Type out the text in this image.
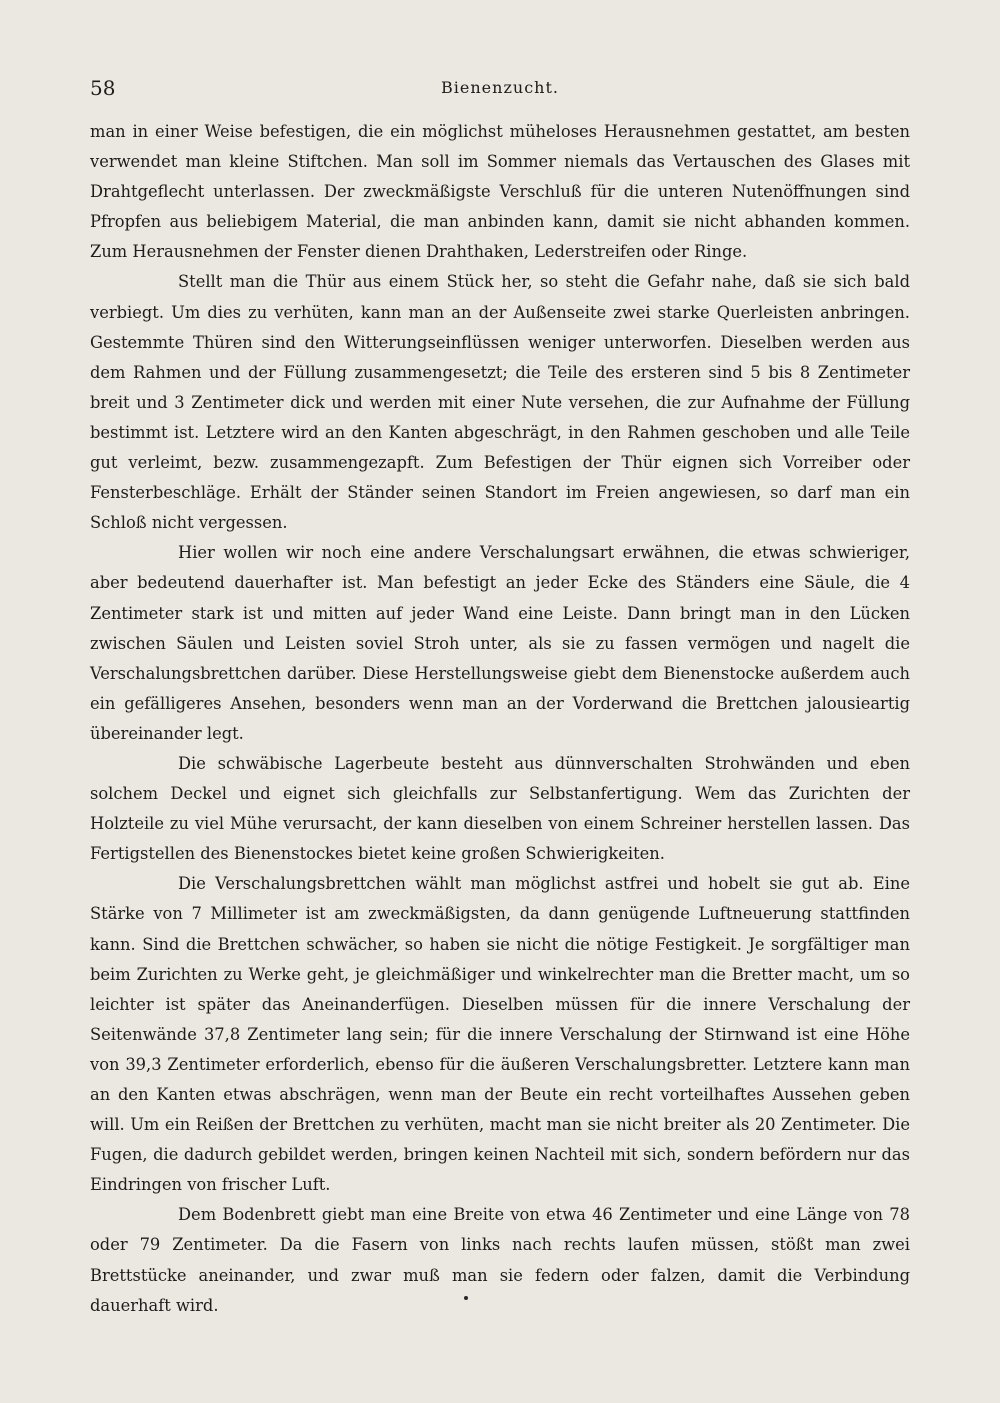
58	Bienenzucht.

man in einer Weise befestigen, die ein möglichst müheloses Herausnehmen gestattet, am besten verwendet man kleine Stiftchen. Man soll im Sommer niemals das Vertauschen des Glases mit Drahtgeflecht unterlassen. Der zweckmäßigste Verschluß für die unteren Nutenöffnungen sind Pfropfen aus beliebigem Material, die man anbinden kann, damit sie nicht abhanden kommen. Zum Herausnehmen der Fenster dienen Drahthaken, Lederstreifen oder Ringe.

Stellt man die Thür aus einem Stück her, so steht die Gefahr nahe, daß sie sich bald verbiegt. Um dies zu verhüten, kann man an der Außenseite zwei starke Querleisten anbringen. Gestemmte Thüren sind den Witterungseinflüssen weniger unterworfen. Dieselben werden aus dem Rahmen und der Füllung zusammengesetzt; die Teile des ersteren sind 5 bis 8 Zentimeter breit und 3 Zentimeter dick und werden mit einer Nute versehen, die zur Aufnahme der Füllung bestimmt ist. Letztere wird an den Kanten abgeschrägt, in den Rahmen geschoben und alle Teile gut verleimt, bezw. zusammengezapft. Zum Befestigen der Thür eignen sich Vorreiber oder Fensterbeschläge. Erhält der Ständer seinen Standort im Freien angewiesen, so darf man ein Schloß nicht vergessen.

Hier wollen wir noch eine andere Verschalungsart erwähnen, die etwas schwieriger, aber bedeutend dauerhafter ist. Man befestigt an jeder Ecke des Ständers eine Säule, die 4 Zentimeter stark ist und mitten auf jeder Wand eine Leiste. Dann bringt man in den Lücken zwischen Säulen und Leisten soviel Stroh unter, als sie zu fassen vermögen und nagelt die Verschalungsbrettchen darüber. Diese Herstellungsweise giebt dem Bienenstocke außerdem auch ein gefälligeres Ansehen, besonders wenn man an der Vorderwand die Brettchen jalousieartig übereinander legt.

Die schwäbische Lagerbeute besteht aus dünnverschalten Strohwänden und eben solchem Deckel und eignet sich gleichfalls zur Selbstanfertigung. Wem das Zurichten der Holzteile zu viel Mühe verursacht, der kann dieselben von einem Schreiner herstellen lassen. Das Fertigstellen des Bienenstockes bietet keine großen Schwierigkeiten.

Die Verschalungsbrettchen wählt man möglichst astfrei und hobelt sie gut ab. Eine Stärke von 7 Millimeter ist am zweckmäßigsten, da dann genügende Luftneuerung stattfinden kann. Sind die Brettchen schwächer, so haben sie nicht die nötige Festigkeit. Je sorgfältiger man beim Zurichten zu Werke geht, je gleichmäßiger und winkelrechter man die Bretter macht, um so leichter ist später das Aneinanderfügen. Dieselben müssen für die innere Verschalung der Seitenwände 37,8 Zentimeter lang sein; für die innere Verschalung der Stirnwand ist eine Höhe von 39,3 Zentimeter erforderlich, ebenso für die äußeren Verschalungsbretter. Letztere kann man an den Kanten etwas abschrägen, wenn man der Beute ein recht vorteilhaftes Aussehen geben will. Um ein Reißen der Brettchen zu verhüten, macht man sie nicht breiter als 20 Zentimeter. Die Fugen, die dadurch gebildet werden, bringen keinen Nachteil mit sich, sondern befördern nur das Eindringen von frischer Luft.

Dem Bodenbrett giebt man eine Breite von etwa 46 Zentimeter und eine Länge von 78 oder 79 Zentimeter. Da die Fasern von links nach rechts laufen müssen, stößt man zwei Brettstücke aneinander, und zwar muß man sie federn oder falzen, damit die Verbindung dauerhaft wird.
